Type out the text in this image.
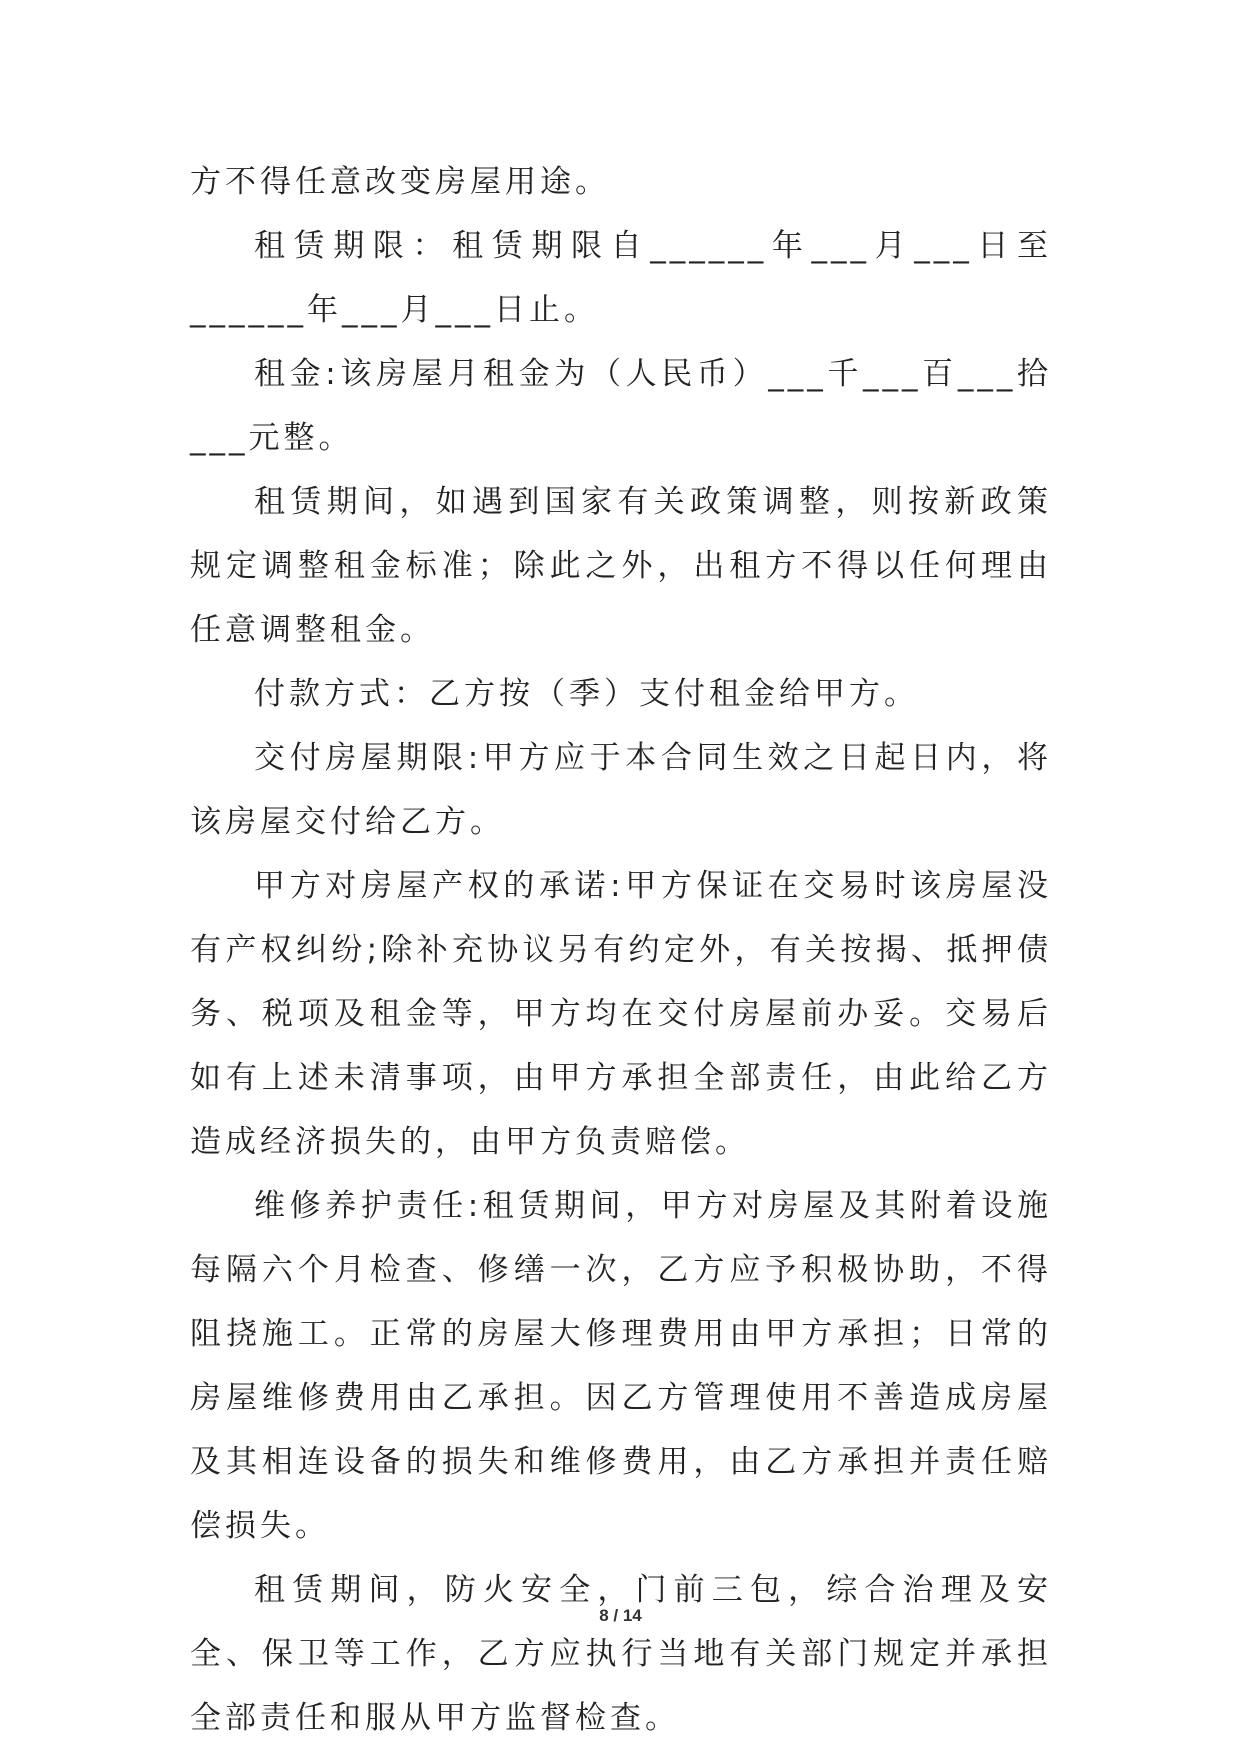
方不得任意改变房屋用途。

租赁期限：租赁期限自______年___月___日至______年___月___日止。

租金:该房屋月租金为（人民币）___千___百___拾___元整。

租赁期间，如遇到国家有关政策调整，则按新政策规定调整租金标准；除此之外，出租方不得以任何理由任意调整租金。

付款方式：乙方按（季）支付租金给甲方。

交付房屋期限:甲方应于本合同生效之日起日内，将该房屋交付给乙方。

甲方对房屋产权的承诺:甲方保证在交易时该房屋没有产权纠纷;除补充协议另有约定外，有关按揭、抵押债务、税项及租金等，甲方均在交付房屋前办妥。交易后如有上述未清事项，由甲方承担全部责任，由此给乙方造成经济损失的，由甲方负责赔偿。

维修养护责任:租赁期间，甲方对房屋及其附着设施每隔六个月检查、修缮一次，乙方应予积极协助，不得阻挠施工。正常的房屋大修理费用由甲方承担；日常的房屋维修费用由乙承担。因乙方管理使用不善造成房屋及其相连设备的损失和维修费用，由乙方承担并责任赔偿损失。

租赁期间，防火安全，门前三包，综合治理及安全、保卫等工作，乙方应执行当地有关部门规定并承担全部责任和服从甲方监督检查。

8 / 14
